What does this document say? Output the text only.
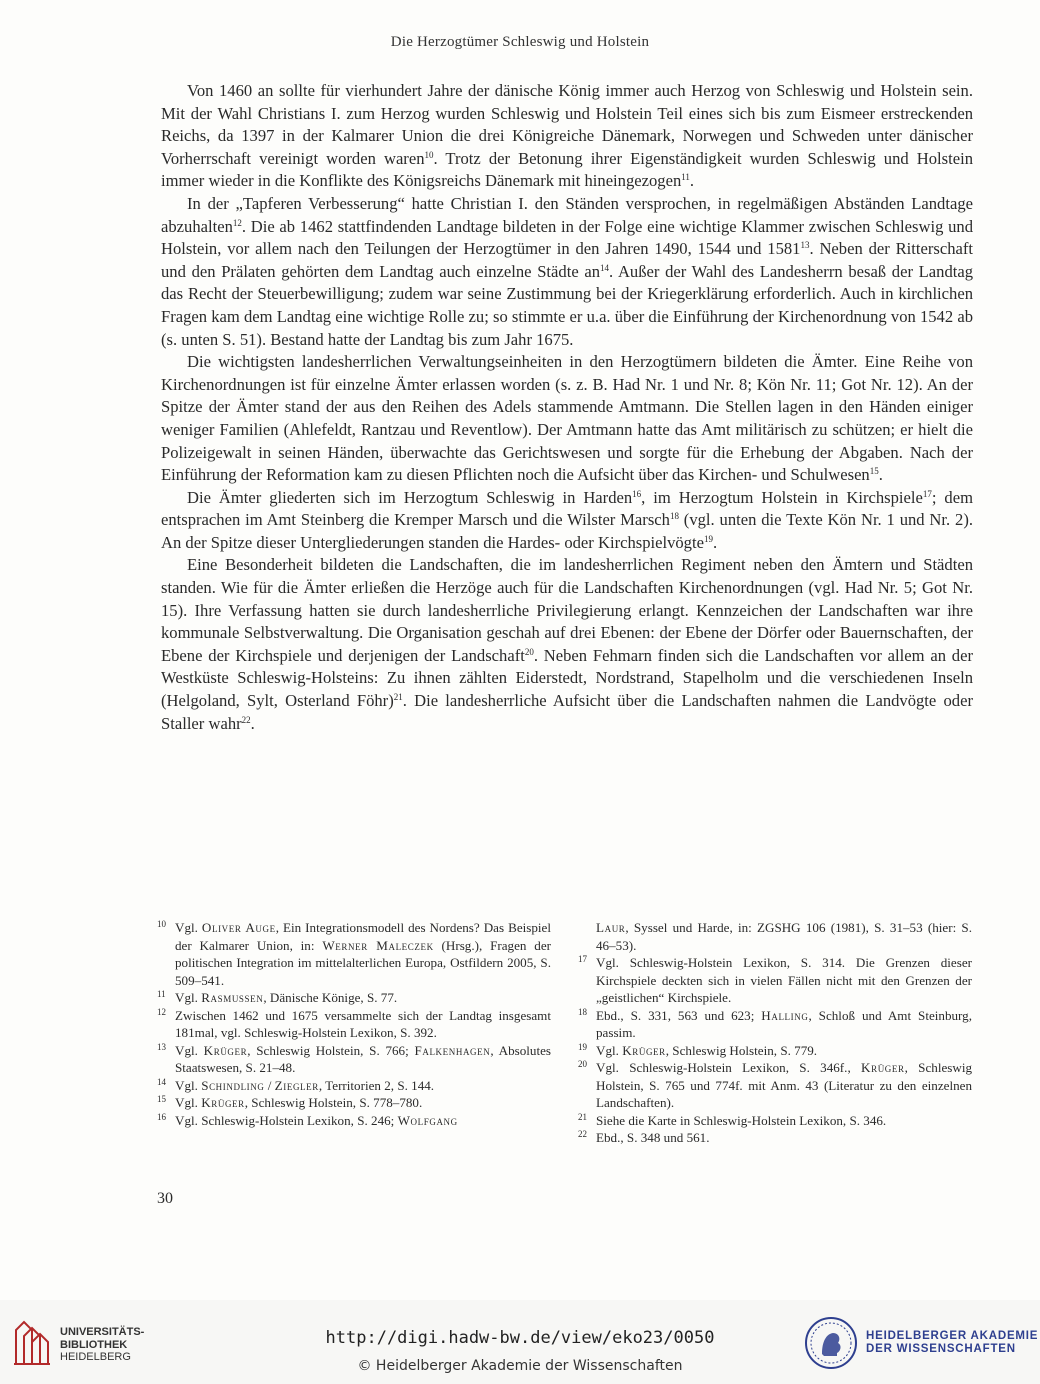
Die Herzogtümer Schleswig und Holstein

Von 1460 an sollte für vierhundert Jahre der dänische König immer auch Herzog von Schleswig und Holstein sein. Mit der Wahl Christians I. zum Herzog wurden Schleswig und Holstein Teil eines sich bis zum Eismeer erstreckenden Reichs, da 1397 in der Kalmarer Union die drei Königreiche Dänemark, Norwegen und Schweden unter dänischer Vorherrschaft vereinigt worden waren$^{10}$. Trotz der Betonung ihrer Eigenständigkeit wurden Schleswig und Holstein immer wieder in die Konflikte des Königsreichs Dänemark mit hineingezogen$^{11}$.

In der „Tapferen Verbesserung“ hatte Christian I. den Ständen versprochen, in regelmäßigen Abständen Landtage abzuhalten$^{12}$. Die ab 1462 stattfindenden Landtage bildeten in der Folge eine wichtige Klammer zwischen Schleswig und Holstein, vor allem nach den Teilungen der Herzogtümer in den Jahren 1490, 1544 und 1581$^{13}$. Neben der Ritterschaft und den Prälaten gehörten dem Landtag auch einzelne Städte $an^{14}$. Außer der Wahl des Landesherrn besaß der Landtag das Recht der Steuerbewilligung; zudem war seine Zustimmung bei der Kriegerklärung erforderlich. Auch in kirchlichen Fragen kam dem Landtag eine wichtige Rolle zu; so stimmte er u.a. über die Einführung der Kirchenordnung von 1542 ab (s. unten S. 51). Bestand hatte der Landtag bis zum Jahr 1675.

Die wichtigsten landesherrlichen Verwaltungseinheiten in den Herzogtümern bildeten die Ämter. Eine Reihe von Kirchenordnungen ist für einzelne Ämter erlassen worden (s. z. B. Had Nr. 1 und Nr. 8; Kön Nr. 11; Got Nr. 12). An der Spitze der Ämter stand der aus den Reihen des Adels stammende Amtmann. Die Stellen lagen in den Händen einiger weniger Familien (Ahlefeldt, Rantzau und Reventlow). Der Amtmann hatte das Amt militärisch zu schützen; er hielt die Polizeigewalt in seinen Händen, überwachte das Gerichtswesen und sorgte für die Erhebung der Abgaben. Nach der Einführung der Reformation kam zu diesen Pflichten noch die Aufsicht über das Kirchen- und Schulwesen$^{15}$.

Die Ämter gliederten sich im Herzogtum Schleswig in Harden$^{16}$, im Herzogtum Holstein in Kirchspiele$^{17}$; dem entsprachen im Amt Steinberg die Kremper Marsch und die Wilster Marsch$^{18}$ (vgl. unten die Texte Kön Nr. 1 und Nr. 2). An der Spitze dieser Untergliederungen standen die Hardes- oder Kirchspielvögte$^{19}$.

Eine Besonderheit bildeten die Landschaften, die im landesherrlichen Regiment neben den Ämtern und Städten standen. Wie für die Ämter erließen die Herzöge auch für die Landschaften Kirchenordnungen (vgl. Had Nr. 5; Got Nr. 15). Ihre Verfassung hatten sie durch landesherrliche Privilegierung erlangt. Kennzeichen der Landschaften war ihre kommunale Selbstverwaltung. Die Organisation geschah auf drei Ebenen: der Ebene der Dörfer oder Bauernschaften, der Ebene der Kirchspiele und derjenigen der Landschaft$^{20}$. Neben Fehmarn finden sich die Landschaften vor allem an der Westküste Schleswig-Holsteins: Zu ihnen zählten Eiderstedt, Nordstrand, Stapelholm und die verschiedenen Inseln (Helgoland, Sylt, Osterland Föhr)$^{21}$. Die landesherrliche Aufsicht über die Landschaften nahmen die Landvögte oder Staller wahr$^{22}$.

10 Vgl. Oliver Auge, Ein Integrationsmodell des Nordens? Das Beispiel der Kalmarer Union, in: Werner Maleczek (Hrsg.), Fragen der politischen Integration im mittelalterlichen Europa, Ostfildern 2005, S. 509–541.

11 Vgl. Rasmussen, Dänische Könige, S. 77.

12 Zwischen 1462 und 1675 versammelte sich der Landtag insgesamt 181mal, vgl. Schleswig-Holstein Lexikon, S. 392.

13 Vgl. Krüger, Schleswig Holstein, S. 766; Falkenhagen, Absolutes Staatswesen, S. 21–48.

14 Vgl. Schindling / Ziegler, Territorien 2, S. 144.

15 Vgl. Krüger, Schleswig Holstein, S. 778–780.

16 Vgl. Schleswig-Holstein Lexikon, S. 246; Wolfgang

Laur, Syssel und Harde, in: ZGSHG 106 (1981), S. 31–53 (hier: S. 46–53).

17 Vgl. Schleswig-Holstein Lexikon, S. 314. Die Grenzen dieser Kirchspiele deckten sich in vielen Fällen nicht mit den Grenzen der „geistlichen“ Kirchspiele.

18 Ebd., S. 331, 563 und 623; Halling, Schloß und Amt Steinburg, passim.

19 Vgl. Krüger, Schleswig Holstein, S. 779.

20 Vgl. Schleswig-Holstein Lexikon, S. 346f., Krüger, Schleswig Holstein, S. 765 und 774f. mit Anm. 43 (Literatur zu den einzelnen Landschaften).

21 Siehe die Karte in Schleswig-Holstein Lexikon, S. 346.

22 Ebd., S. 348 und 561.

30
UNIVERSITÄTS-
BIBLIOTHEK
HEIDELBERG
http://digi.hadw-bw.de/view/eko23/0050
© Heidelberger Akademie der Wissenschaften
HEIDELBERGER AKADEMIE
DER WISSENSCHAFTEN
